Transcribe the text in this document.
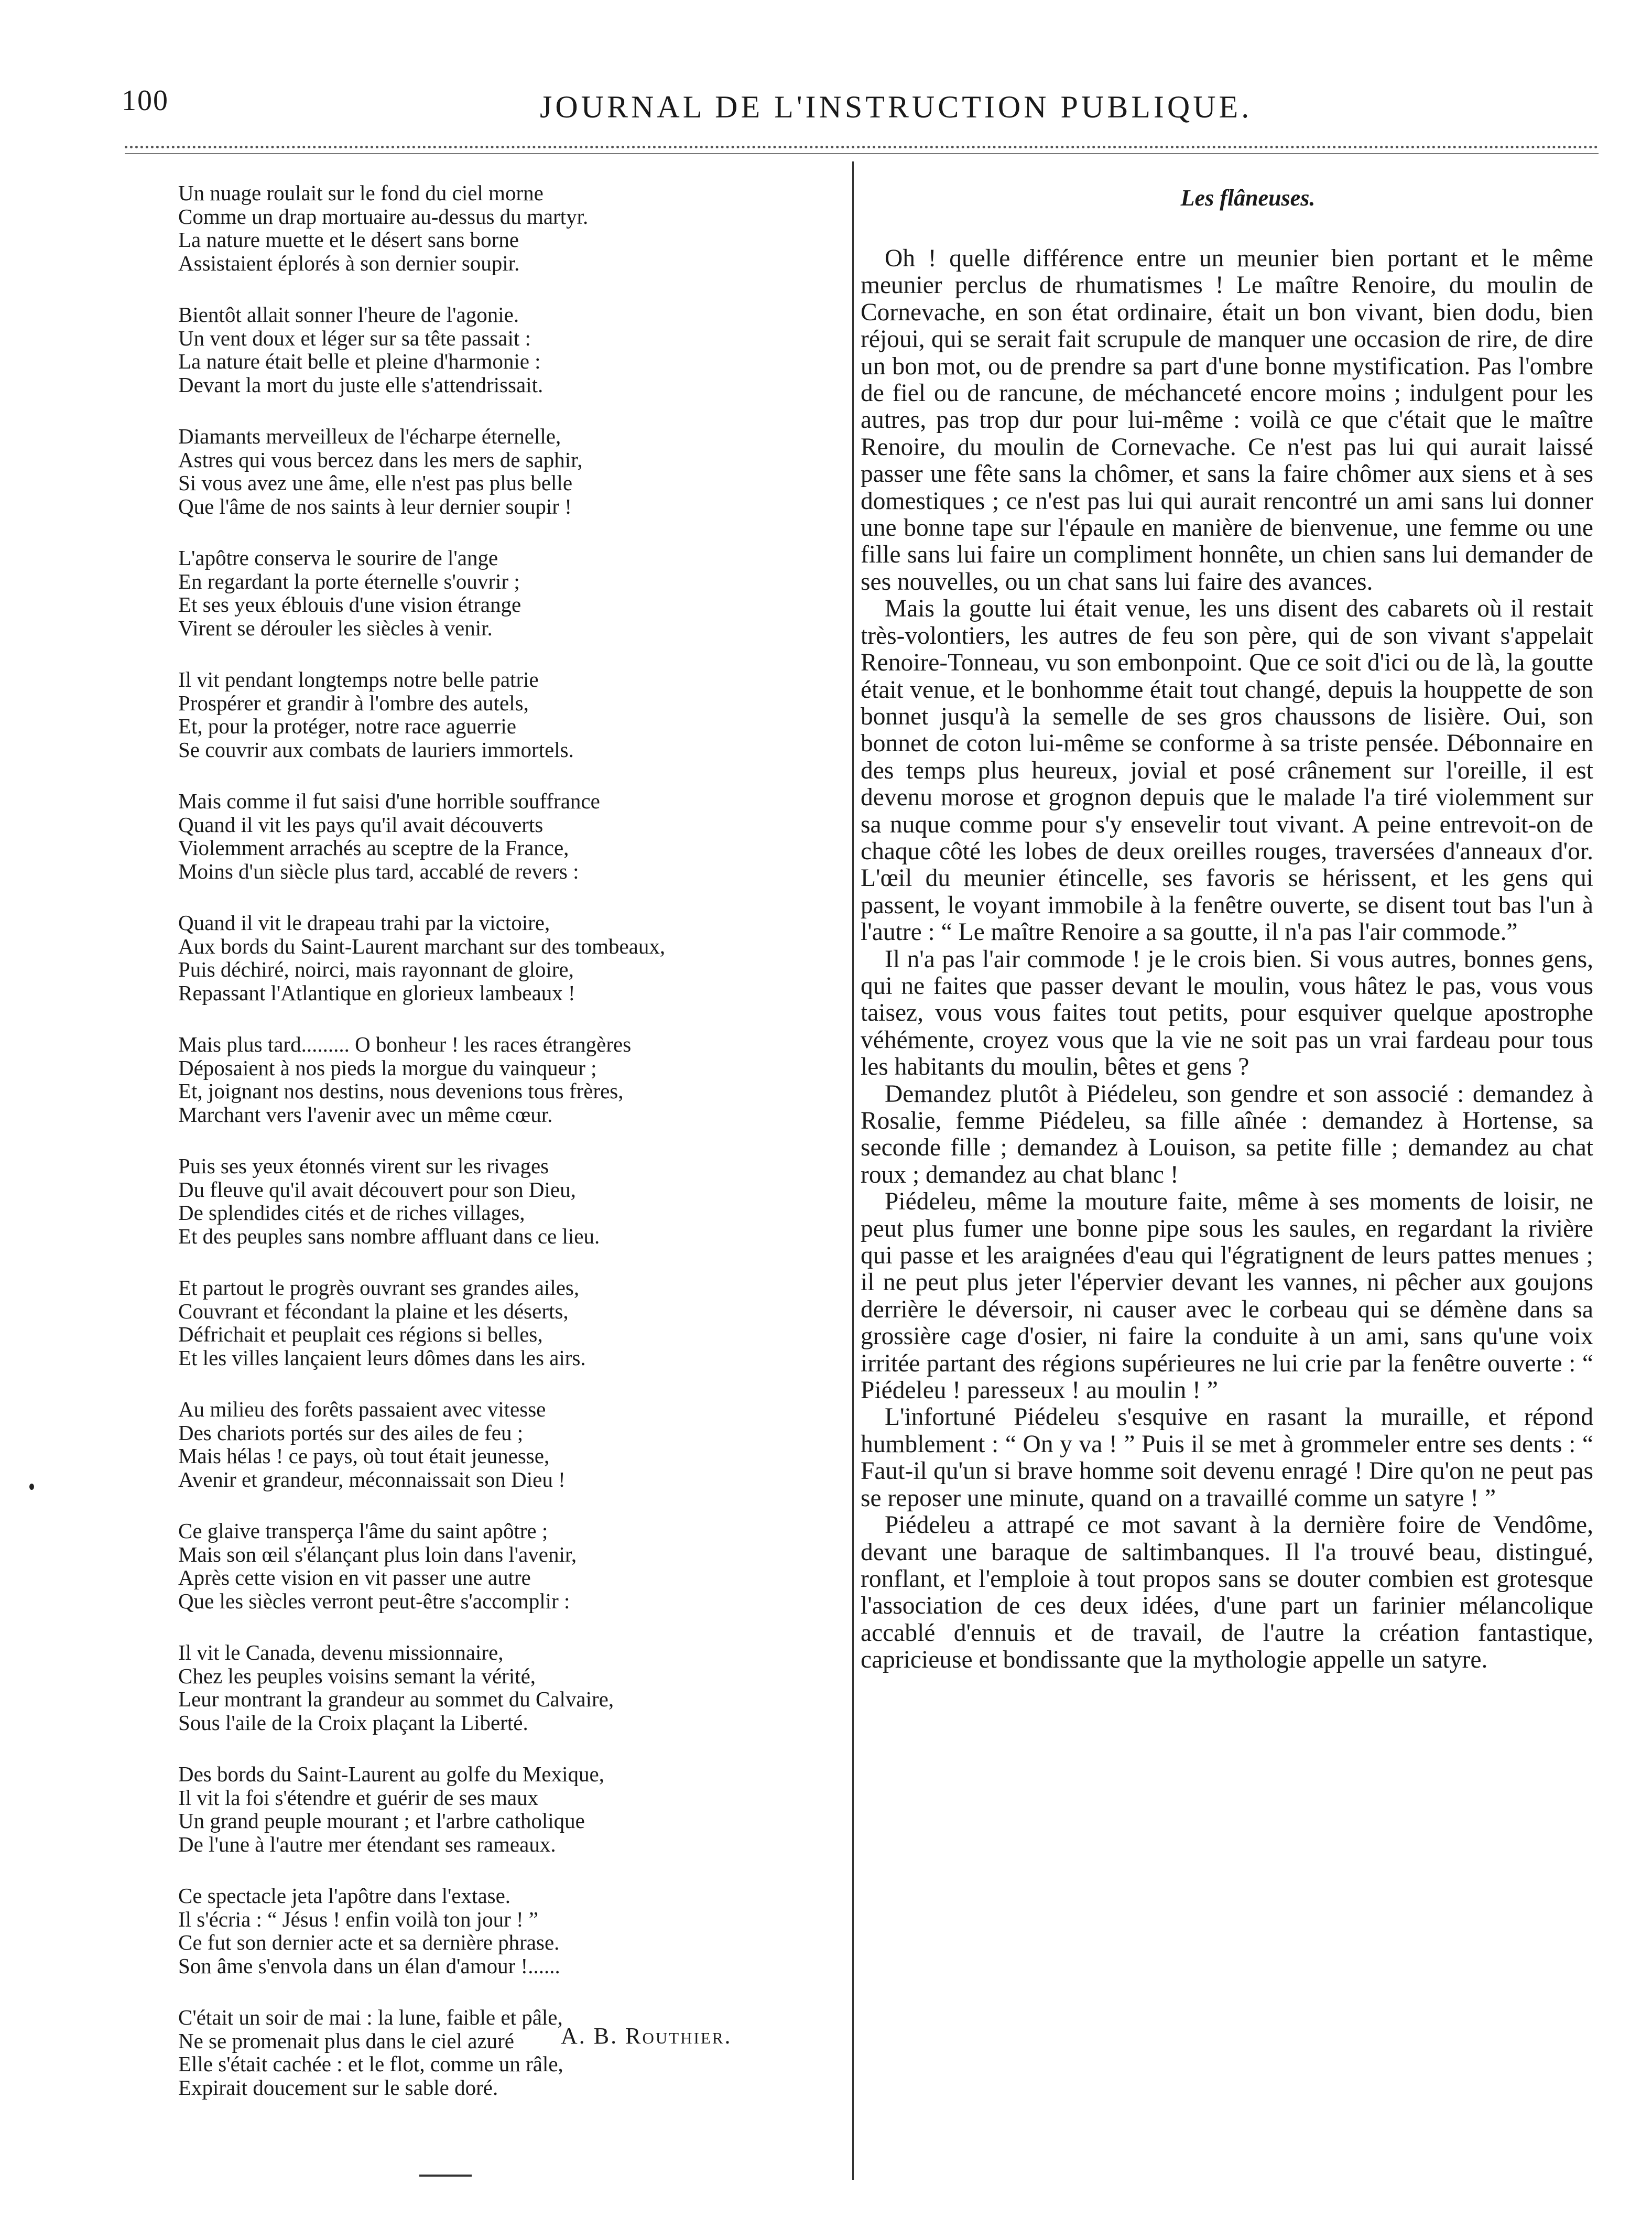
100	JOURNAL DE L'INSTRUCTION PUBLIQUE.
Un nuage roulait sur le fond du ciel morne
Comme un drap mortuaire au-dessus du martyr.
La nature muette et le désert sans borne
Assistaient éplorés à son dernier soupir.
Bientôt allait sonner l'heure de l'agonie.
Un vent doux et léger sur sa tête passait :
La nature était belle et pleine d'harmonie :
Devant la mort du juste elle s'attendrissait.
Diamants merveilleux de l'écharpe éternelle,
Astres qui vous bercez dans les mers de saphir,
Si vous avez une âme, elle n'est pas plus belle
Que l'âme de nos saints à leur dernier soupir !
L'apôtre conserva le sourire de l'ange
En regardant la porte éternelle s'ouvrir ;
Et ses yeux éblouis d'une vision étrange
Virent se dérouler les siècles à venir.
Il vit pendant longtemps notre belle patrie
Prospérer et grandir à l'ombre des autels,
Et, pour la protéger, notre race aguerrie
Se couvrir aux combats de lauriers immortels.
Mais comme il fut saisi d'une horrible souffrance
Quand il vit les pays qu'il avait découverts
Violemment arrachés au sceptre de la France,
Moins d'un siècle plus tard, accablé de revers :
Quand il vit le drapeau trahi par la victoire,
Aux bords du Saint-Laurent marchant sur des tombeaux,
Puis déchiré, noirci, mais rayonnant de gloire,
Repassant l'Atlantique en glorieux lambeaux !
Mais plus tard......... O bonheur ! les races étrangères
Déposaient à nos pieds la morgue du vainqueur ;
Et, joignant nos destins, nous devenions tous frères,
Marchant vers l'avenir avec un même cœur.
Puis ses yeux étonnés virent sur les rivages
Du fleuve qu'il avait découvert pour son Dieu,
De splendides cités et de riches villages,
Et des peuples sans nombre affluant dans ce lieu.
Et partout le progrès ouvrant ses grandes ailes,
Couvrant et fécondant la plaine et les déserts,
Défrichait et peuplait ces régions si belles,
Et les villes lançaient leurs dômes dans les airs.
Au milieu des forêts passaient avec vitesse
Des chariots portés sur des ailes de feu ;
Mais hélas ! ce pays, où tout était jeunesse,
Avenir et grandeur, méconnaissait son Dieu !
Ce glaive transperça l'âme du saint apôtre ;
Mais son œil s'élançant plus loin dans l'avenir,
Après cette vision en vit passer une autre
Que les siècles verront peut-être s'accomplir :
Il vit le Canada, devenu missionnaire,
Chez les peuples voisins semant la vérité,
Leur montrant la grandeur au sommet du Calvaire,
Sous l'aile de la Croix plaçant la Liberté.
Des bords du Saint-Laurent au golfe du Mexique,
Il vit la foi s'étendre et guérir de ses maux
Un grand peuple mourant ; et l'arbre catholique
De l'une à l'autre mer étendant ses rameaux.
Ce spectacle jeta l'apôtre dans l'extase.
Il s'écria : “ Jésus ! enfin voilà ton jour ! ”
Ce fut son dernier acte et sa dernière phrase.
Son âme s'envola dans un élan d'amour !......
C'était un soir de mai : la lune, faible et pâle,
Ne se promenait plus dans le ciel azuré
Elle s'était cachée : et le flot, comme un râle,
Expirait doucement sur le sable doré.
A. B. Routhier.
Les flâneuses.

Oh ! quelle différence entre un meunier bien portant et le même meunier perclus de rhumatismes ! Le maître Renoire, du moulin de Cornevache, en son état ordinaire, était un bon vivant, bien dodu, bien réjoui, qui se serait fait scrupule de manquer une occasion de rire, de dire un bon mot, ou de prendre sa part d'une bonne mystification. Pas l'ombre de fiel ou de rancune, de méchanceté encore moins ; indulgent pour les autres, pas trop dur pour lui-même : voilà ce que c'était que le maître Renoire, du moulin de Cornevache. Ce n'est pas lui qui aurait laissé passer une fête sans la chômer, et sans la faire chômer aux siens et à ses domestiques ; ce n'est pas lui qui aurait rencontré un ami sans lui donner une bonne tape sur l'épaule en manière de bienvenue, une femme ou une fille sans lui faire un compliment honnête, un chien sans lui demander de ses nouvelles, ou un chat sans lui faire des avances.

Mais la goutte lui était venue, les uns disent des cabarets où il restait très-volontiers, les autres de feu son père, qui de son vivant s'appelait Renoire-Tonneau, vu son embonpoint. Que ce soit d'ici ou de là, la goutte était venue, et le bonhomme était tout changé, depuis la houppette de son bonnet jusqu'à la semelle de ses gros chaussons de lisière. Oui, son bonnet de coton lui-même se conforme à sa triste pensée. Débonnaire en des temps plus heureux, jovial et posé crânement sur l'oreille, il est devenu morose et grognon depuis que le malade l'a tiré violemment sur sa nuque comme pour s'y ensevelir tout vivant. A peine entrevoit-on de chaque côté les lobes de deux oreilles rouges, traversées d'anneaux d'or. L'œil du meunier étincelle, ses favoris se hérissent, et les gens qui passent, le voyant immobile à la fenêtre ouverte, se disent tout bas l'un à l'autre : “ Le maître Renoire a sa goutte, il n'a pas l'air commode.”

Il n'a pas l'air commode ! je le crois bien. Si vous autres, bonnes gens, qui ne faites que passer devant le moulin, vous hâtez le pas, vous vous taisez, vous vous faites tout petits, pour esquiver quelque apostrophe véhémente, croyez vous que la vie ne soit pas un vrai fardeau pour tous les habitants du moulin, bêtes et gens ?

Demandez plutôt à Piédeleu, son gendre et son associé : demandez à Rosalie, femme Piédeleu, sa fille aînée : demandez à Hortense, sa seconde fille ; demandez à Louison, sa petite fille ; demandez au chat roux ; demandez au chat blanc !

Piédeleu, même la mouture faite, même à ses moments de loisir, ne peut plus fumer une bonne pipe sous les saules, en regardant la rivière qui passe et les araignées d'eau qui l'égratignent de leurs pattes menues ; il ne peut plus jeter l'épervier devant les vannes, ni pêcher aux goujons derrière le déversoir, ni causer avec le corbeau qui se démène dans sa grossière cage d'osier, ni faire la conduite à un ami, sans qu'une voix irritée partant des régions supérieures ne lui crie par la fenêtre ouverte : “ Piédeleu ! paresseux ! au moulin ! ”

L'infortuné Piédeleu s'esquive en rasant la muraille, et répond humblement : “ On y va ! ” Puis il se met à grommeler entre ses dents : “ Faut-il qu'un si brave homme soit devenu enragé ! Dire qu'on ne peut pas se reposer une minute, quand on a travaillé comme un satyre ! ”

Piédeleu a attrapé ce mot savant à la dernière foire de Vendôme, devant une baraque de saltimbanques. Il l'a trouvé beau, distingué, ronflant, et l'emploie à tout propos sans se douter combien est grotesque l'association de ces deux idées, d'une part un farinier mélancolique accablé d'ennuis et de travail, de l'autre la création fantastique, capricieuse et bondissante que la mythologie appelle un satyre.
